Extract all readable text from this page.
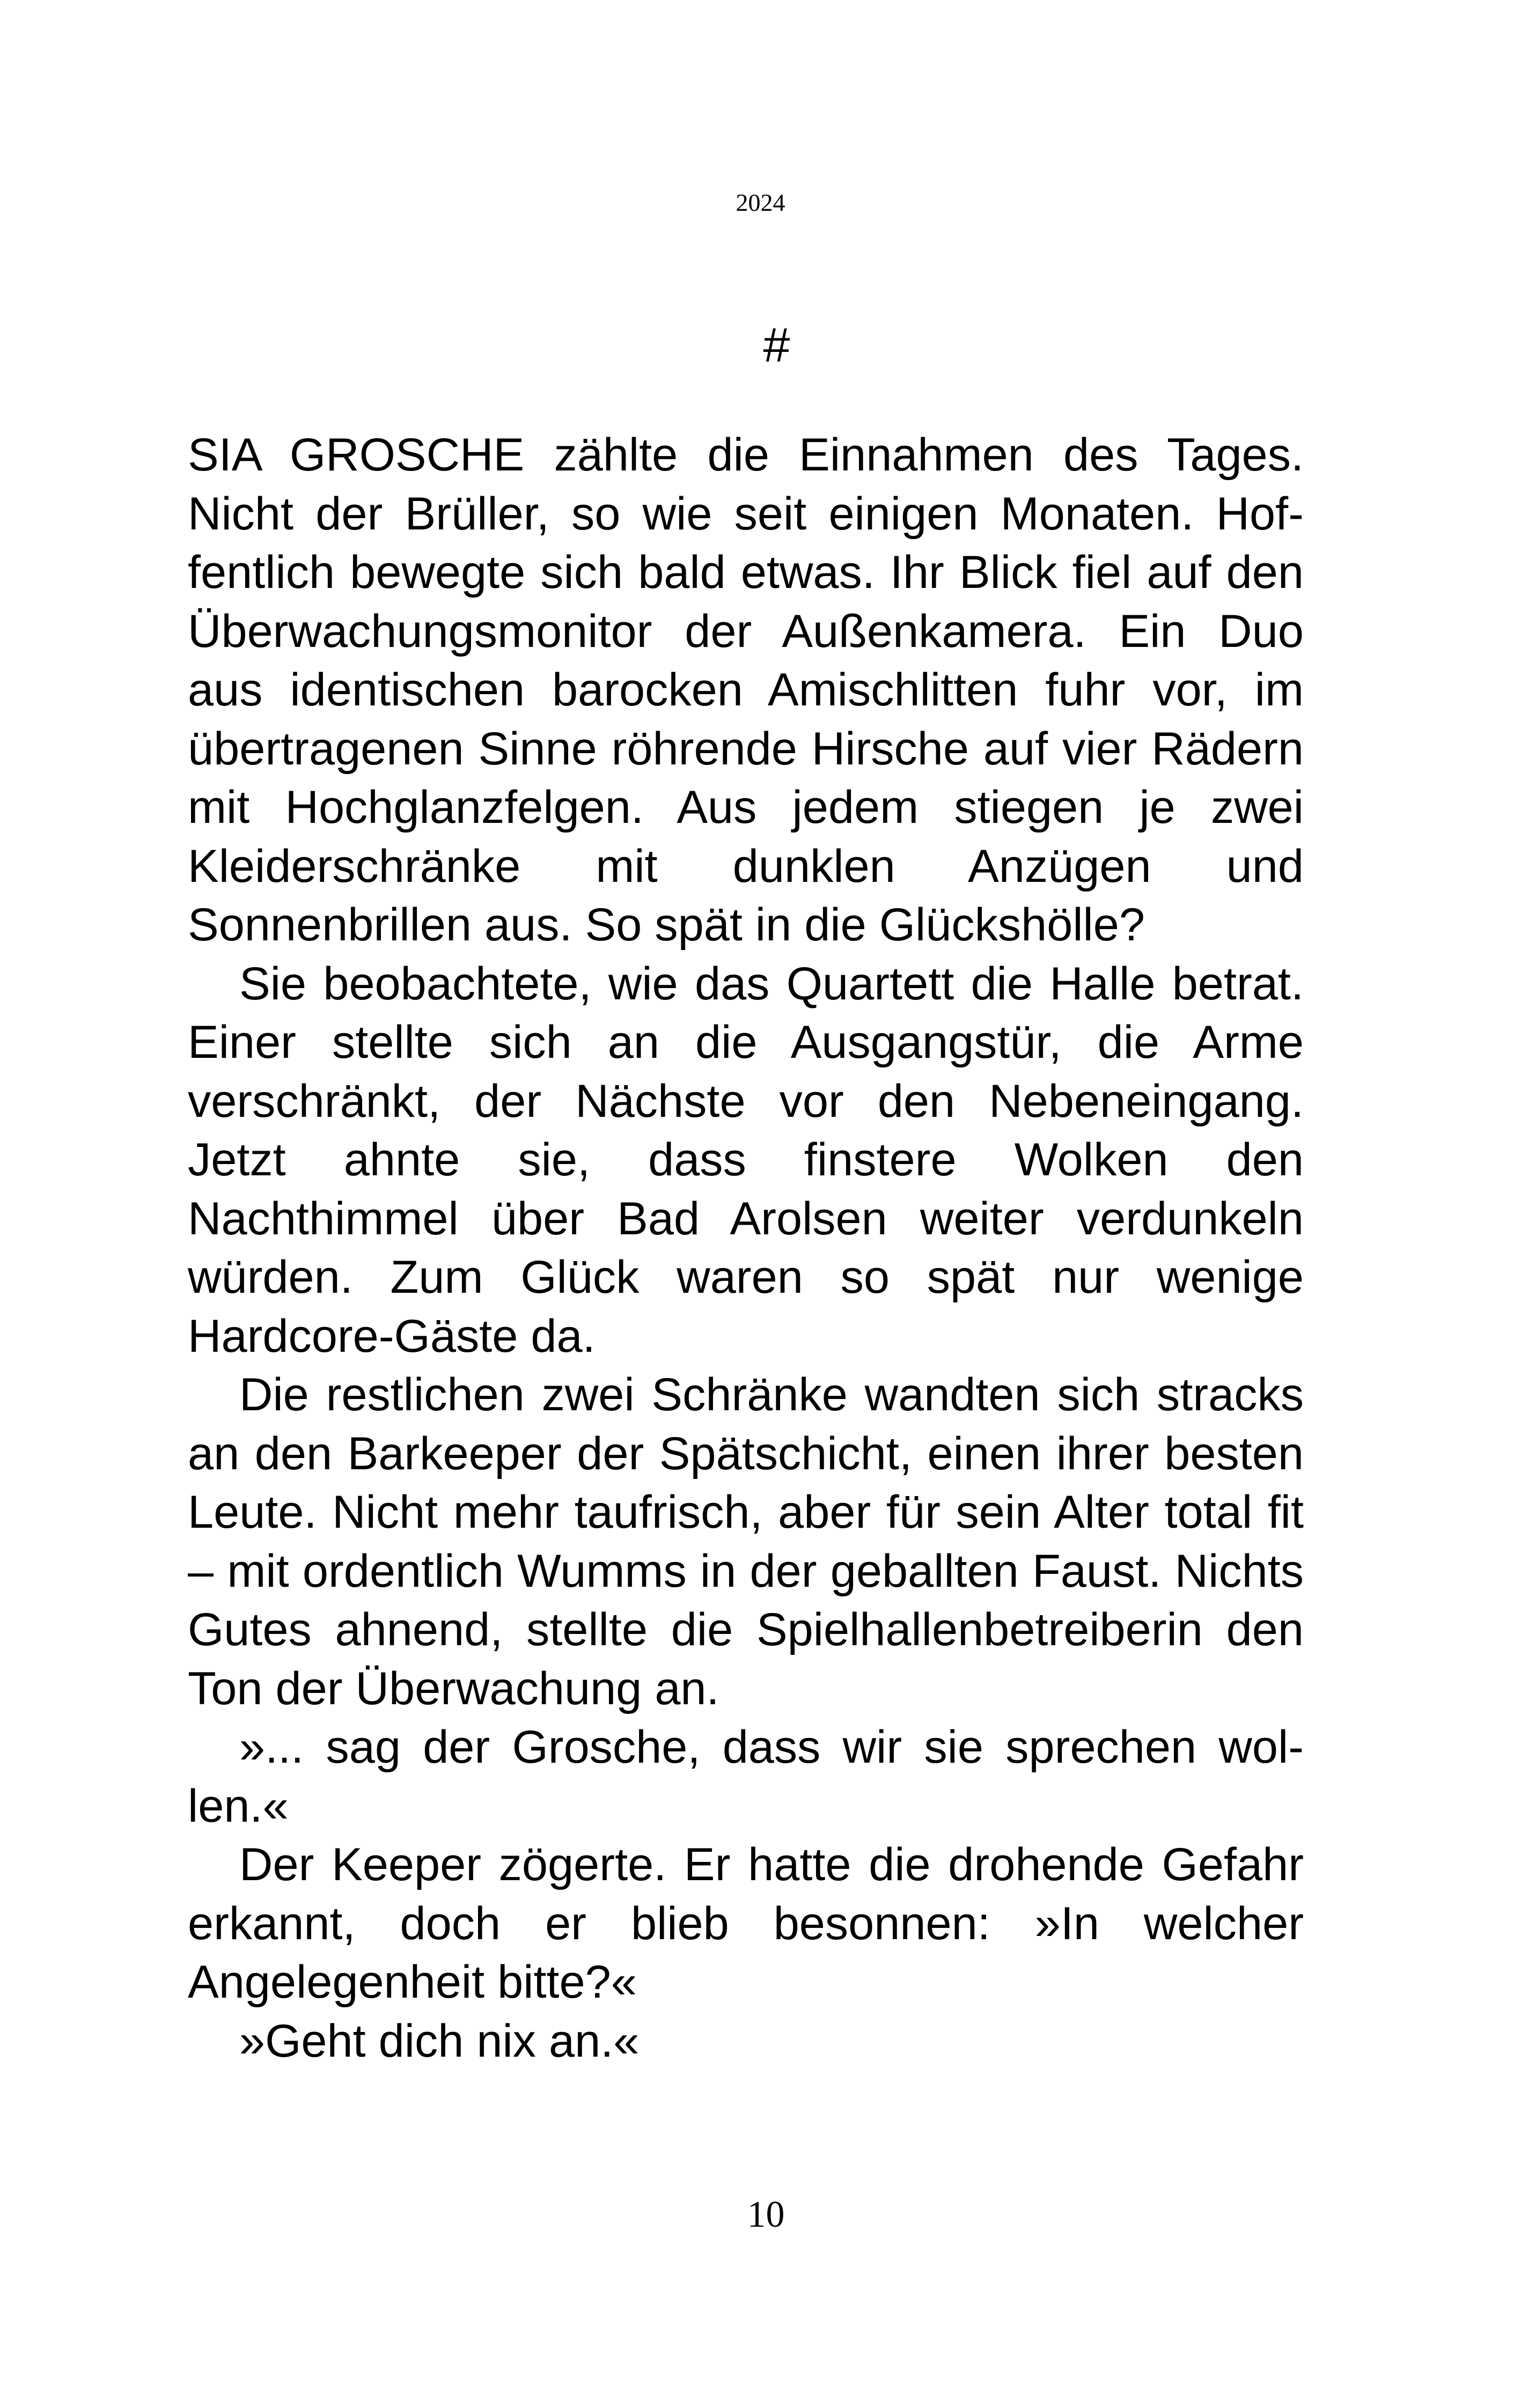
2024
#

SIA GROSCHE zählte die Einnahmen des Tages. Nicht der Brüller, so wie seit einigen Monaten. Hoffentlich bewegte sich bald etwas. Ihr Blick fiel auf den Überwachungsmonitor der Außenkamera. Ein Duo aus identischen barocken Amischlitten fuhr vor, im übertragenen Sinne röhrende Hirsche auf vier Rädern mit Hochglanzfelgen. Aus jedem stiegen je zwei Kleiderschränke mit dunklen Anzügen und Sonnenbrillen aus. So spät in die Glückshölle?

Sie beobachtete, wie das Quartett die Halle betrat. Einer stellte sich an die Ausgangstür, die Arme verschränkt, der Nächste vor den Nebeneingang. Jetzt ahnte sie, dass finstere Wolken den Nachthimmel über Bad Arolsen weiter verdunkeln würden. Zum Glück waren so spät nur wenige Hardcore-Gäste da.

Die restlichen zwei Schränke wandten sich stracks an den Barkeeper der Spätschicht, einen ihrer besten Leute. Nicht mehr taufrisch, aber für sein Alter total fit – mit ordentlich Wumms in der geballten Faust. Nichts Gutes ahnend, stellte die Spielhallenbetreiberin den Ton der Überwachung an.

»... sag der Grosche, dass wir sie sprechen wollen.«

Der Keeper zögerte. Er hatte die drohende Gefahr erkannt, doch er blieb besonnen: »In welcher Angelegenheit bitte?«

»Geht dich nix an.«

10
